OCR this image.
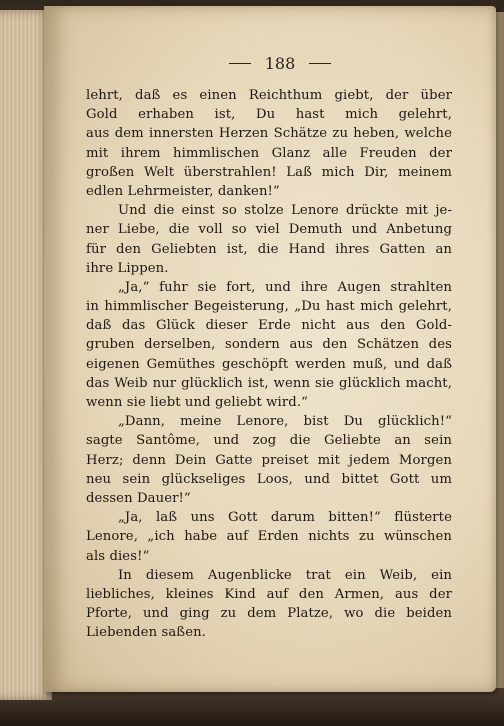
188
lehrt, daß es einen Reichthum giebt, der über
Gold erhaben ist, Du hast mich gelehrt,
aus dem innersten Herzen Schätze zu heben, welche
mit ihrem himmlischen Glanz alle Freuden der
großen Welt überstrahlen! Laß mich Dir, meinem
edlen Lehrmeister, danken!“
Und die einst so stolze Lenore drückte mit je-
ner Liebe, die voll so viel Demuth und Anbetung
für den Geliebten ist, die Hand ihres Gatten an
ihre Lippen.
„Ja,“ fuhr sie fort, und ihre Augen strahlten
in himmlischer Begeisterung, „Du hast mich gelehrt,
daß das Glück dieser Erde nicht aus den Gold-
gruben derselben, sondern aus den Schätzen des
eigenen Gemüthes geschöpft werden muß, und daß
das Weib nur glücklich ist, wenn sie glücklich macht,
wenn sie liebt und geliebt wird.“
„Dann, meine Lenore, bist Du glücklich!“
sagte Santôme, und zog die Geliebte an sein
Herz; denn Dein Gatte preiset mit jedem Morgen
neu sein glückseliges Loos, und bittet Gott um
dessen Dauer!“
„Ja, laß uns Gott darum bitten!“ flüsterte
Lenore, „ich habe auf Erden nichts zu wünschen
als dies!“
In diesem Augenblicke trat ein Weib, ein
liebliches, kleines Kind auf den Armen, aus der
Pforte, und ging zu dem Platze, wo die beiden
Liebenden saßen.
